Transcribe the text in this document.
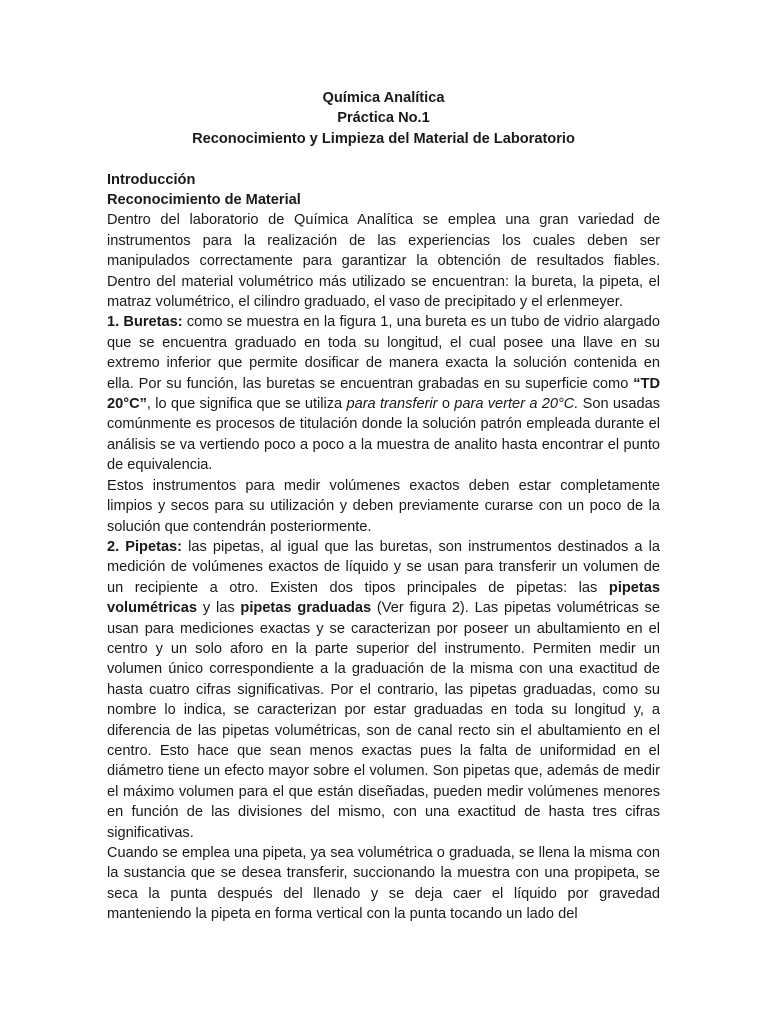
Química Analítica
Práctica No.1
Reconocimiento y Limpieza del Material de Laboratorio
Introducción
Reconocimiento de Material

Dentro del laboratorio de Química Analítica se emplea una gran variedad de instrumentos para la realización de las experiencias los cuales deben ser manipulados correctamente para garantizar la obtención de resultados fiables. Dentro del material volumétrico más utilizado se encuentran: la bureta, la pipeta, el matraz volumétrico, el cilindro graduado, el vaso de precipitado y el erlenmeyer.

1. Buretas: como se muestra en la figura 1, una bureta es un tubo de vidrio alargado que se encuentra graduado en toda su longitud, el cual posee una llave en su extremo inferior que permite dosificar de manera exacta la solución contenida en ella. Por su función, las buretas se encuentran grabadas en su superficie como “TD 20°C”, lo que significa que se utiliza para transferir o para verter a 20°C. Son usadas comúnmente es procesos de titulación donde la solución patrón empleada durante el análisis se va vertiendo poco a poco a la muestra de analito hasta encontrar el punto de equivalencia.

Estos instrumentos para medir volúmenes exactos deben estar completamente limpios y secos para su utilización y deben previamente curarse con un poco de la solución que contendrán posteriormente.

2. Pipetas: las pipetas, al igual que las buretas, son instrumentos destinados a la medición de volúmenes exactos de líquido y se usan para transferir un volumen de un recipiente a otro. Existen dos tipos principales de pipetas: las pipetas volumétricas y las pipetas graduadas (Ver figura 2). Las pipetas volumétricas se usan para mediciones exactas y se caracterizan por poseer un abultamiento en el centro y un solo aforo en la parte superior del instrumento. Permiten medir un volumen único correspondiente a la graduación de la misma con una exactitud de hasta cuatro cifras significativas. Por el contrario, las pipetas graduadas, como su nombre lo indica, se caracterizan por estar graduadas en toda su longitud y, a diferencia de las pipetas volumétricas, son de canal recto sin el abultamiento en el centro. Esto hace que sean menos exactas pues la falta de uniformidad en el diámetro tiene un efecto mayor sobre el volumen. Son pipetas que, además de medir el máximo volumen para el que están diseñadas, pueden medir volúmenes menores en función de las divisiones del mismo, con una exactitud de hasta tres cifras significativas.

Cuando se emplea una pipeta, ya sea volumétrica o graduada, se llena la misma con la sustancia que se desea transferir, succionando la muestra con una propipeta, se seca la punta después del llenado y se deja caer el líquido por gravedad manteniendo la pipeta en forma vertical con la punta tocando un lado del
